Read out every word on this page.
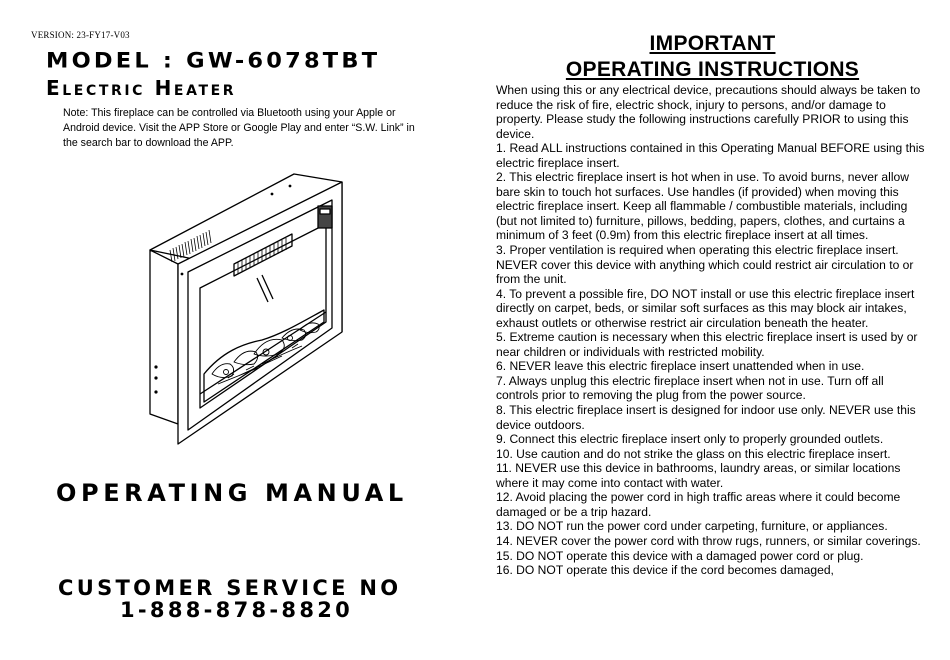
VERSION: 23-FY17-V03
MODEL : GW-6078TBT
Electric Heater
Note: This fireplace can be controlled via Bluetooth using your Apple or Android device. Visit the APP Store or Google Play and enter “S.W. Link” in the search bar to download the APP.
OPERATING MANUAL
CUSTOMER SERVICE NO
1-888-878-8820
IMPORTANT
OPERATING INSTRUCTIONS

When using this or any electrical device, precautions should always be taken to reduce the risk of fire, electric shock, injury to persons, and/or damage to property. Please study the following instructions carefully PRIOR to using this device.

1. Read ALL instructions contained in this Operating Manual BEFORE using this electric fireplace insert.

2. This electric fireplace insert is hot when in use. To avoid burns, never allow bare skin to touch hot surfaces. Use handles (if provided) when moving this electric fireplace insert. Keep all flammable / combustible materials, including (but not limited to) furniture, pillows, bedding, papers, clothes, and curtains a minimum of 3 feet (0.9m) from this electric fireplace insert at all times.

3. Proper ventilation is required when operating this electric fireplace insert. NEVER cover this device with anything which could restrict air circulation to or from the unit.

4. To prevent a possible fire, DO NOT install or use this electric fireplace insert directly on carpet, beds, or similar soft surfaces as this may block air intakes, exhaust outlets or otherwise restrict air circulation beneath the heater.

5. Extreme caution is necessary when this electric fireplace insert is used by or near children or individuals with restricted mobility.

6. NEVER leave this electric fireplace insert unattended when in use.

7. Always unplug this electric fireplace insert when not in use. Turn off all controls prior to removing the plug from the power source.

8. This electric fireplace insert is designed for indoor use only. NEVER use this device outdoors.

9. Connect this electric fireplace insert only to properly grounded outlets.

10. Use caution and do not strike the glass on this electric fireplace insert.

11. NEVER use this device in bathrooms, laundry areas, or similar locations where it may come into contact with water.

12. Avoid placing the power cord in high traffic areas where it could become damaged or be a trip hazard.

13. DO NOT run the power cord under carpeting, furniture, or appliances.

14. NEVER cover the power cord with throw rugs, runners, or similar coverings.

15. DO NOT operate this device with a damaged power cord or plug.

16. DO NOT operate this device if the cord becomes damaged,
